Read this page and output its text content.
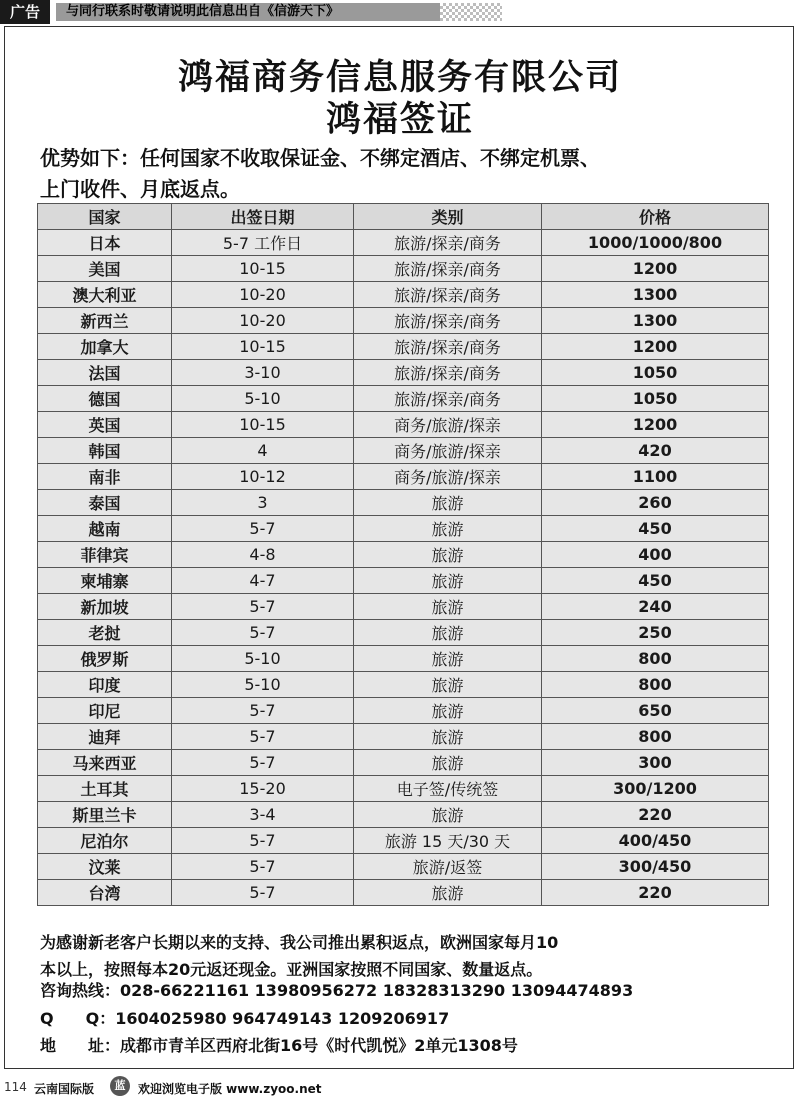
广告	与同行联系时敬请说明此信息出自《信游天下》
鸿福商务信息服务有限公司
鸿福签证
优势如下：任何国家不收取保证金、不绑定酒店、不绑定机票、
上门收件、月底返点。
国家	出签日期	类别	价格
日本	5-7 工作日	旅游/探亲/商务	1000/1000/800
美国	10-15	旅游/探亲/商务	1200
澳大利亚	10-20	旅游/探亲/商务	1300
新西兰	10-20	旅游/探亲/商务	1300
加拿大	10-15	旅游/探亲/商务	1200
法国	3-10	旅游/探亲/商务	1050
德国	5-10	旅游/探亲/商务	1050
英国	10-15	商务/旅游/探亲	1200
韩国	4	商务/旅游/探亲	420
南非	10-12	商务/旅游/探亲	1100
泰国	3	旅游	260
越南	5-7	旅游	450
菲律宾	4-8	旅游	400
柬埔寨	4-7	旅游	450
新加坡	5-7	旅游	240
老挝	5-7	旅游	250
俄罗斯	5-10	旅游	800
印度	5-10	旅游	800
印尼	5-7	旅游	650
迪拜	5-7	旅游	800
马来西亚	5-7	旅游	300
土耳其	15-20	电子签/传统签	300/1200
斯里兰卡	3-4	旅游	220
尼泊尔	5-7	旅游 15 天/30 天	400/450
汶莱	5-7	旅游/返签	300/450
台湾	5-7	旅游	220
为感谢新老客户长期以来的支持、我公司推出累积返点，欧洲国家每月10
本以上，按照每本20元返还现金。亚洲国家按照不同国家、数量返点。
咨询热线：028-66221161 13980956272 18328313290 13094474893
Q　　Q：1604025980 964749143 1209206917
地　　址：成都市青羊区西府北街16号《时代凯悦》2单元1308号
114 云南国际版	蓝	欢迎浏览电子版 www.zyoo.net
